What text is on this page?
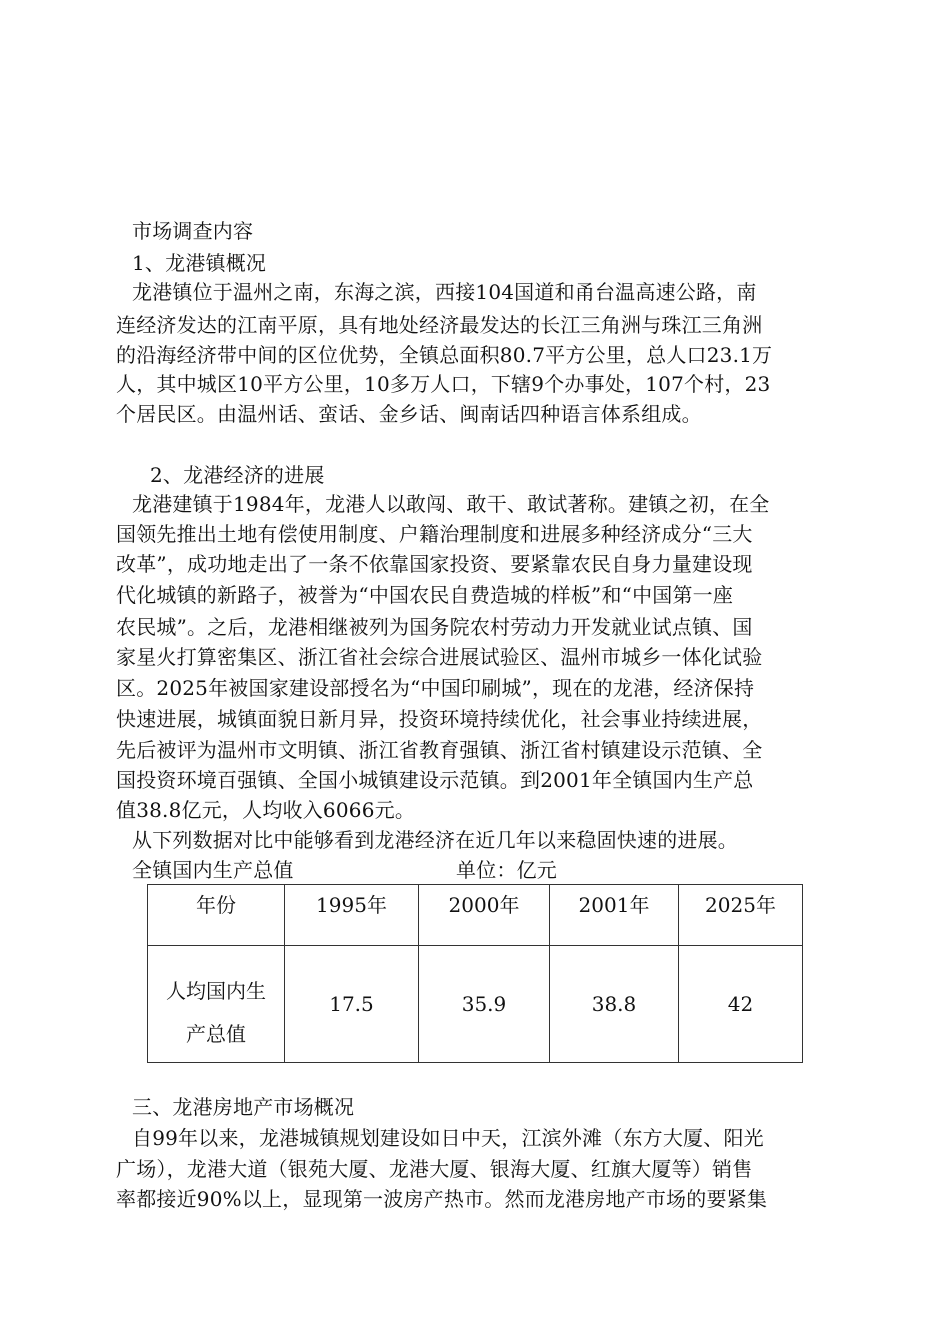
市场调查内容
1、龙港镇概况
龙港镇位于温州之南，东海之滨，西接104国道和甬台温高速公路，南
连经济发达的江南平原，具有地处经济最发达的长江三角洲与珠江三角洲
的沿海经济带中间的区位优势，全镇总面积80.7平方公里，总人口23.1万
人，其中城区10平方公里，10多万人口，下辖9个办事处，107个村，23
个居民区。由温州话、蛮话、金乡话、闽南话四种语言体系组成。
2、龙港经济的进展
龙港建镇于1984年，龙港人以敢闯、敢干、敢试著称。建镇之初，在全
国领先推出土地有偿使用制度、户籍治理制度和进展多种经济成分“三大
改革”，成功地走出了一条不依靠国家投资、要紧靠农民自身力量建设现
代化城镇的新路子，被誉为“中国农民自费造城的样板”和“中国第一座
农民城”。之后，龙港相继被列为国务院农村劳动力开发就业试点镇、国
家星火打算密集区、浙江省社会综合进展试验区、温州市城乡一体化试验
区。2025年被国家建设部授名为“中国印刷城”，现在的龙港，经济保持
快速进展，城镇面貌日新月异，投资环境持续优化，社会事业持续进展，
先后被评为温州市文明镇、浙江省教育强镇、浙江省村镇建设示范镇、全
国投资环境百强镇、全国小城镇建设示范镇。到2001年全镇国内生产总
值38.8亿元，人均收入6066元。
从下列数据对比中能够看到龙港经济在近几年以来稳固快速的进展。
全镇国内生产总值	单位：亿元
年份	1995年	2000年	2001年	2025年

人均国内生
产总值	17.5	35.9	38.8	42
三、龙港房地产市场概况
自99年以来，龙港城镇规划建设如日中天，江滨外滩（东方大厦、阳光
广场），龙港大道（银苑大厦、龙港大厦、银海大厦、红旗大厦等）销售
率都接近90%以上，显现第一波房产热市。然而龙港房地产市场的要紧集
